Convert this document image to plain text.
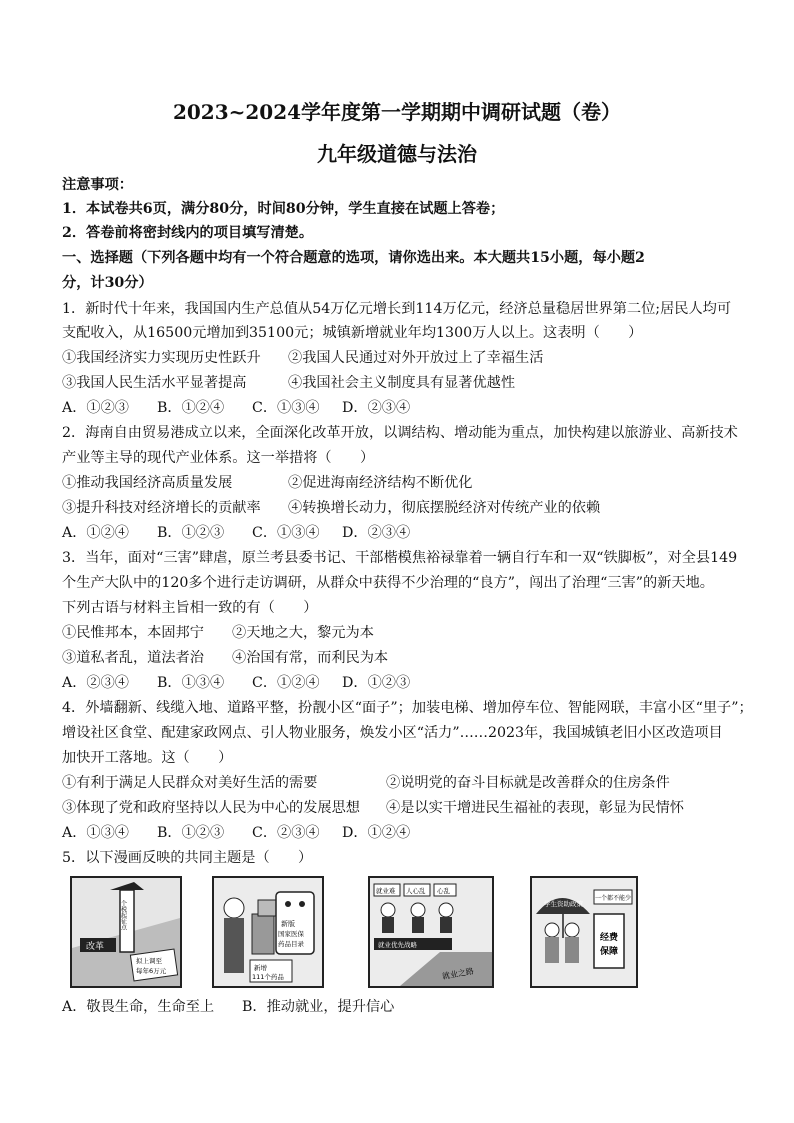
2023~2024学年度第一学期期中调研试题（卷）
九年级道德与法治
注意事项：
1．本试卷共6页，满分80分，时间80分钟，学生直接在试题上答卷；
2．答卷前将密封线内的项目填写清楚。
一、选择题（下列各题中均有一个符合题意的选项，请你选出来。本大题共15小题，每小题2
分，计30分）
1．新时代十年来，我国国内生产总值从54万亿元增长到114万亿元，经济总量稳居世界第二位;居民人均可
支配收入，从16500元增加到35100元；城镇新增就业年均1300万人以上。这表明（　　）
①我国经济实力实现历史性跃升 ②我国人民通过对外开放过上了幸福生活
③我国人民生活水平显著提高	④我国社会主义制度具有显著优越性
A．①②③ B．①②④ C．①③④ D．②③④
2．海南自由贸易港成立以来，全面深化改革开放，以调结构、增动能为重点，加快构建以旅游业、高新技术
产业等主导的现代产业体系。这一举措将（　　）
①推动我国经济高质量发展	②促进海南经济结构不断优化
③提升科技对经济增长的贡献率 ④转换增长动力，彻底摆脱经济对传统产业的依赖
A．①②④ B．①②③ C．①③④ D．②③④
3．当年，面对“三害”肆虐，原兰考县委书记、干部楷模焦裕禄靠着一辆自行车和一双“铁脚板”，对全县149
个生产大队中的120多个进行走访调研，从群众中获得不少治理的“良方”，闯出了治理“三害”的新天地。
下列古语与材料主旨相一致的有（　　）
①民惟邦本，本固邦宁 ②天地之大，黎元为本
③道私者乱，道法者治 ④治国有常，而利民为本
A．②③④ B．①③④ C．①②④ D．①②③
4．外墙翻新、线缆入地、道路平整，扮靓小区“面子”；加装电梯、增加停车位、智能网联，丰富小区“里子”；
增设社区食堂、配建家政网点、引人物业服务，焕发小区“活力”……2023年，我国城镇老旧小区改造项目
加快开工落地。这（　　）
①有利于满足人民群众对美好生活的需要	②说明党的奋斗目标就是改善群众的住房条件
③体现了党和政府坚持以人民为中心的发展思想 ④是以实干增进民生福祉的表现，彰显为民情怀
A．①③④ B．①②③ C．②③④ D．①②④
5．以下漫画反映的共同主题是（　　）
改革
个税起征点
拟上调至
每年6万元
新版
国家医保
药品目录
新增
111个药品
就业难 人心乱 心乱
就业优先战略
就业之路
学生资助政策
一个都不能少
经费
保障
A．敬畏生命，生命至上 B．推动就业，提升信心
